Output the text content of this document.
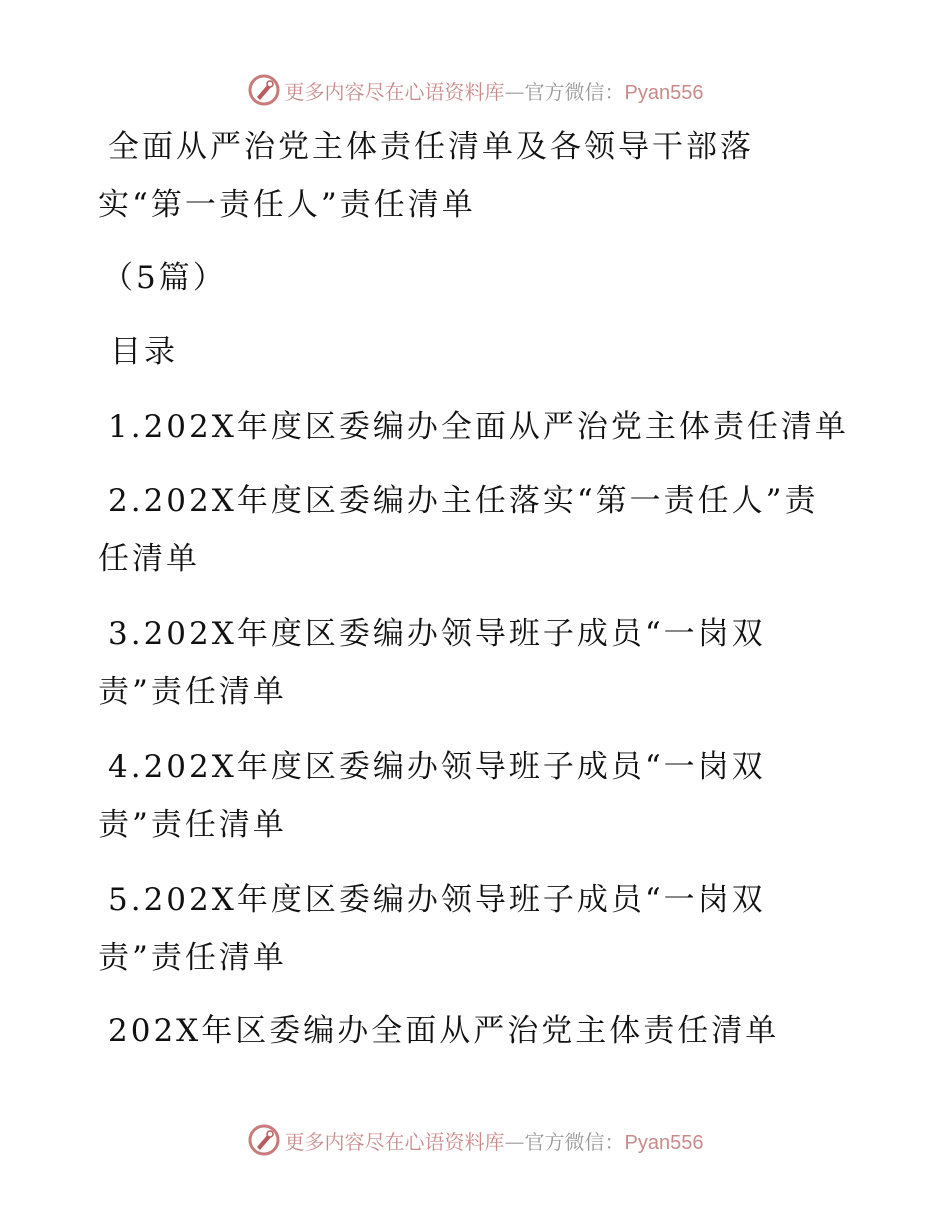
更多内容尽在心语资料库—官方微信：Pyan556
全面从严治党主体责任清单及各领导干部落
实“第一责任人”责任清单
（5篇）
目录
1.202X年度区委编办全面从严治党主体责任清单
2.202X年度区委编办主任落实“第一责任人”责
任清单
3.202X年度区委编办领导班子成员“一岗双
责”责任清单
4.202X年度区委编办领导班子成员“一岗双
责”责任清单
5.202X年度区委编办领导班子成员“一岗双
责”责任清单
202X年区委编办全面从严治党主体责任清单
更多内容尽在心语资料库—官方微信：Pyan556
